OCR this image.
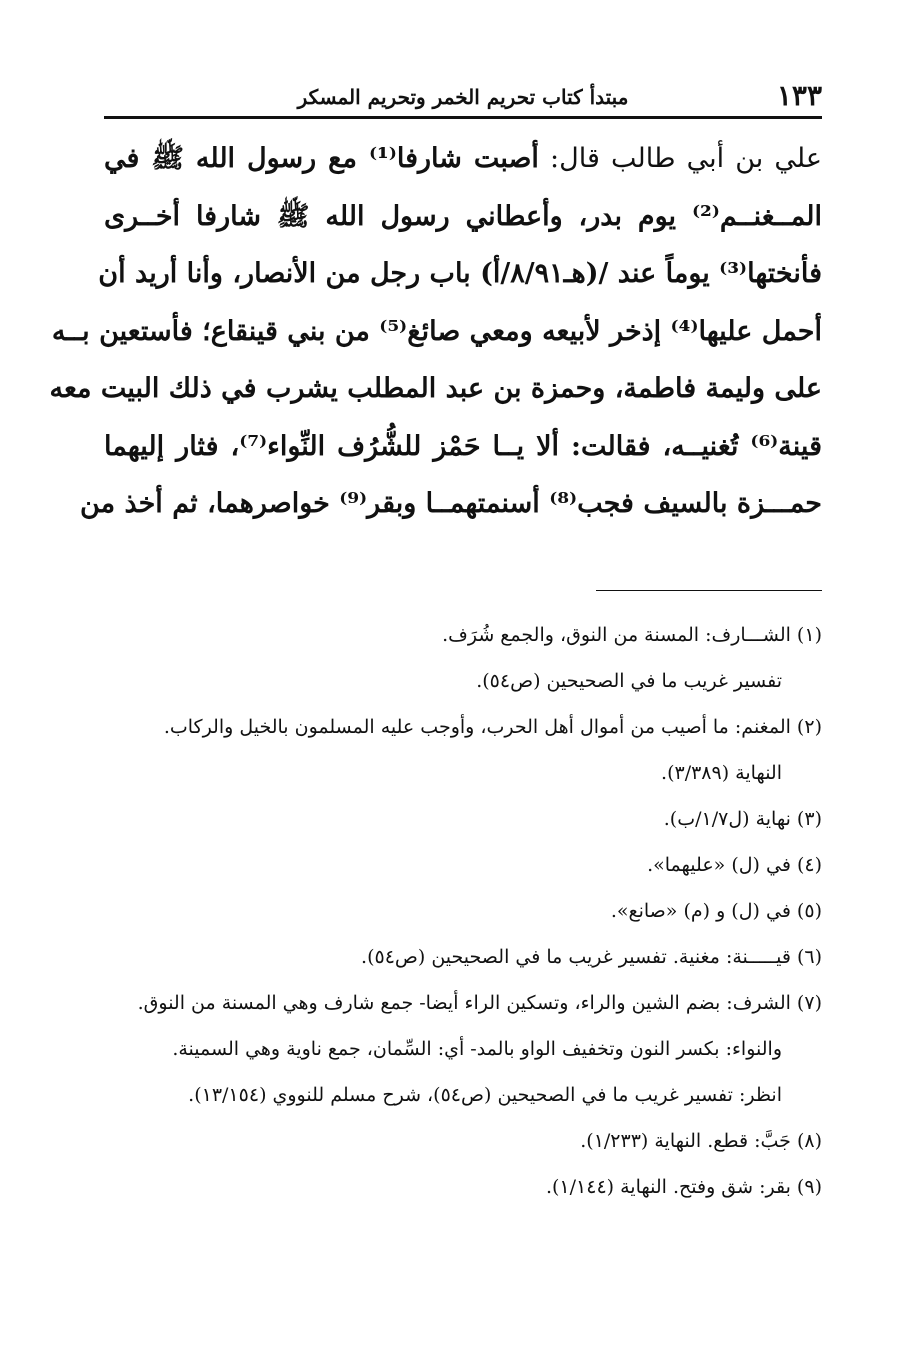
١٣٣
مبتدأ كتاب تحريم الخمر وتحريم المسكر

علي بن أبي طالب قال: أصبت شارفا⁽¹⁾ مع رسول الله ﷺ في

المــغنــم⁽²⁾ يوم بدر، وأعطاني رسول الله ﷺ شارفا أخــرى

فأنختها⁽³⁾ يوماً عند /(هـ٨/٩١/أ) باب رجل من الأنصار، وأنا أريد أن

أحمل عليها⁽⁴⁾ إذخر لأبيعه ومعي صائغ⁽⁵⁾ من بني قينقاع؛ فأستعين بــه

على وليمة فاطمة، وحمزة بن عبد المطلب يشرب في ذلك البيت معه

قينة⁽⁶⁾ تُغنيــه، فقالت: ألا يــا حَمْز للشُّرُف النِّواء⁽⁷⁾، فثار إليهما

حمـــزة بالسيف فجب⁽⁸⁾ أسنمتهمــا وبقر⁽⁹⁾ خواصرهما، ثم أخذ من

(١) الشـــارف: المسنة من النوق، والجمع شُرَف.

تفسير غريب ما في الصحيحين (ص٥٤).

(٢) المغنم: ما أصيب من أموال أهل الحرب، وأوجب عليه المسلمون بالخيل والركاب.

النهاية (٣/٣٨٩).

(٣) نهاية (ل١/٧/ب).

(٤) في (ل) «عليهما».

(٥) في (ل) و (م) «صانع».

(٦) قيـــــنة: مغنية. تفسير غريب ما في الصحيحين (ص٥٤).

(٧) الشرف: بضم الشين والراء، وتسكين الراء أيضا- جمع شارف وهي المسنة من النوق.

والنواء: بكسر النون وتخفيف الواو بالمد- أي: السِّمان، جمع ناوية وهي السمينة.

انظر: تفسير غريب ما في الصحيحين (ص٥٤)، شرح مسلم للنووي (١٣/١٥٤).

(٨) جَبَّ: قطع. النهاية (١/٢٣٣).

(٩) بقر: شق وفتح. النهاية (١/١٤٤).
